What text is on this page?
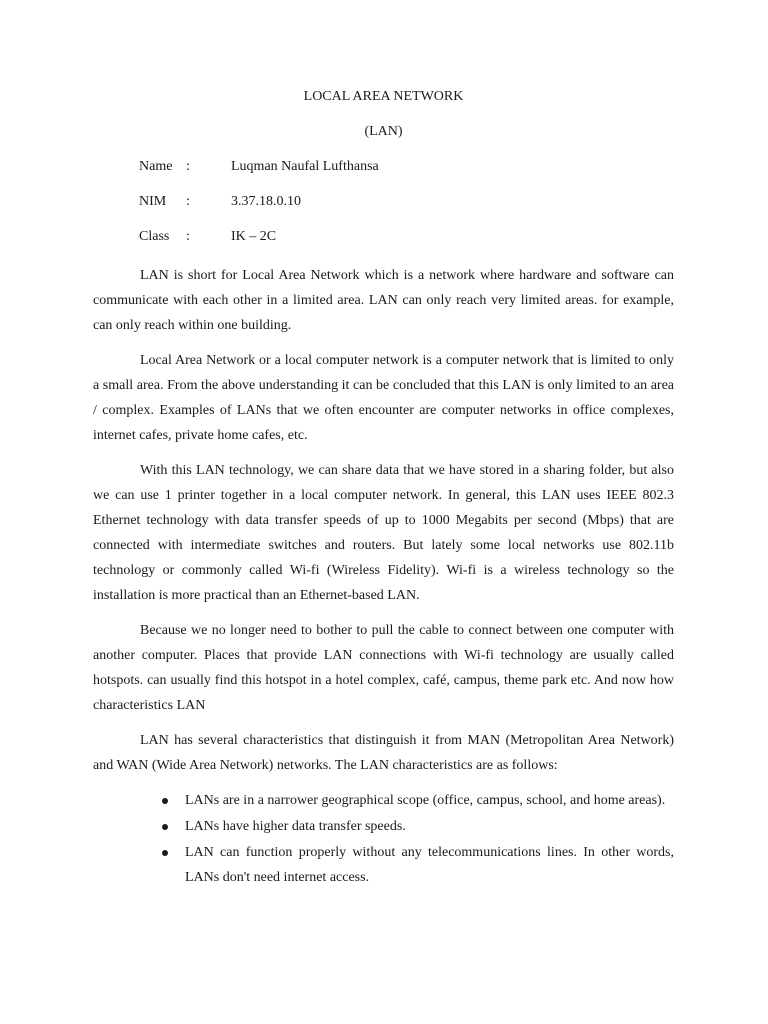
LOCAL AREA NETWORK
(LAN)
Name :	Luqman Naufal Lufthansa
NIM	:	3.37.18.0.10
Class	:	IK – 2C

LAN is short for Local Area Network which is a network where hardware and software can communicate with each other in a limited area. LAN can only reach very limited areas. for example, can only reach within one building.

Local Area Network or a local computer network is a computer network that is limited to only a small area. From the above understanding it can be concluded that this LAN is only limited to an area / complex. Examples of LANs that we often encounter are computer networks in office complexes, internet cafes, private home cafes, etc.

With this LAN technology, we can share data that we have stored in a sharing folder, but also we can use 1 printer together in a local computer network. In general, this LAN uses IEEE 802.3 Ethernet technology with data transfer speeds of up to 1000 Megabits per second (Mbps) that are connected with intermediate switches and routers. But lately some local networks use 802.11b technology or commonly called Wi-fi (Wireless Fidelity). Wi-fi is a wireless technology so the installation is more practical than an Ethernet-based LAN.

Because we no longer need to bother to pull the cable to connect between one computer with another computer. Places that provide LAN connections with Wi-fi technology are usually called hotspots. can usually find this hotspot in a hotel complex, café, campus, theme park etc. And now how characteristics LAN

LAN has several characteristics that distinguish it from MAN (Metropolitan Area Network) and WAN (Wide Area Network) networks. The LAN characteristics are as follows:

LANs are in a narrower geographical scope (office, campus, school, and home areas).
LANs have higher data transfer speeds.
LAN can function properly without any telecommunications lines. In other words, LANs don't need internet access.
